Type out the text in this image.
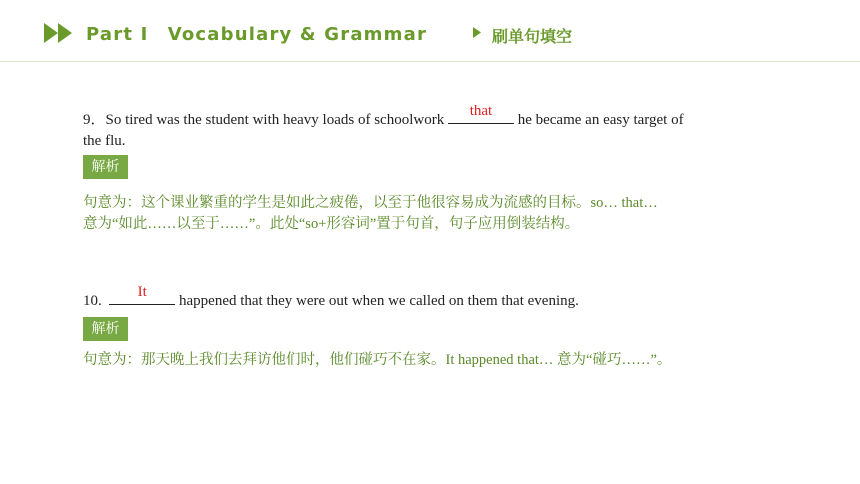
Part Ⅰ　Vocabulary & Grammar	刷单句填空
9．So tired was the student with heavy loads of schoolwork
that
he became an easy target of
the flu.
解析
句意为：这个课业繁重的学生是如此之疲倦，以至于他很容易成为流感的目标。so… that…
意为“如此……以至于……”。此处“so+形容词”置于句首，句子应用倒装结构。
10.
It
happened that they were out when we called on them that evening.
解析
句意为：那天晚上我们去拜访他们时，他们碰巧不在家。It happened that… 意为“碰巧……”。
